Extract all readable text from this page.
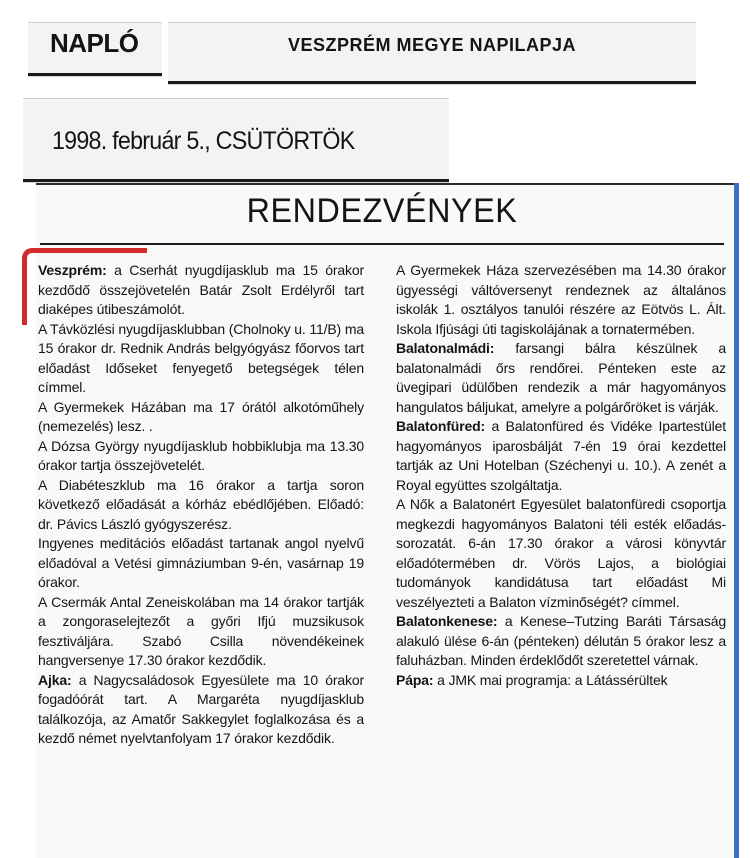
NAPLÓ	VESZPRÉM MEGYE NAPILAPJA
1998. február 5., CSÜTÖRTÖK
RENDEZVÉNYEK

Veszprém: a Cserhát nyugdíjasklub ma 15 órakor kezdődő összejövetelén Batár Zsolt Erdélyről tart diaképes útibeszámolót.

A Távközlési nyugdíjasklubban (Cholnoky u. 11/B) ma 15 órakor dr. Rednik András belgyógyász főorvos tart előadást Időseket fenyegető betegségek télen címmel.

A Gyermekek Házában ma 17 órától alkotóműhely (nemezelés) lesz. .

A Dózsa György nyugdíjasklub hobbiklubja ma 13.30 órakor tartja összejövetelét.

A Diabéteszklub ma 16 órakor a tartja soron következő előadását a kórház ebédlőjében. Előadó: dr. Pávics László gyógyszerész.

Ingyenes meditációs előadást tartanak angol nyelvű előadóval a Vetési gimnáziumban 9-én, vasárnap 19 órakor.

A Csermák Antal Zeneiskolában ma 14 órakor tartják a zongoraselejtezőt a győri Ifjú muzsikusok fesztiváljára. Szabó Csilla növendékeinek hangversenye 17.30 órakor kezdődik.

Ajka: a Nagycsaládosok Egyesülete ma 10 órakor fogadóórát tart. A Margaréta nyugdíjasklub találkozója, az Amatőr Sakkegylet foglalkozása és a kezdő német nyelvtanfolyam 17 órakor kezdődik.

A Gyermekek Háza szervezésében ma 14.30 órakor ügyességi váltóversenyt rendeznek az általános iskolák 1. osztályos tanulói részére az Eötvös L. Ált. Iskola Ifjúsági úti tagiskolájának a tornatermében.

Balatonalmádi: farsangi bálra készülnek a balatonalmádi őrs rendőrei. Pénteken este az üvegipari üdülőben rendezik a már hagyományos hangulatos báljukat, amelyre a polgárőröket is várják.

Balatonfüred: a Balatonfüred és Vidéke Ipartestület hagyományos iparosbálját 7-én 19 órai kezdettel tartják az Uni Hotelban (Széchenyi u. 10.). A zenét a Royal együttes szolgáltatja.

A Nők a Balatonért Egyesület balatonfüredi csoportja megkezdi hagyományos Balatoni téli esték előadás-sorozatát. 6-án 17.30 órakor a városi könyvtár előadótermében dr. Vörös Lajos, a biológiai tudományok kandidátusa tart előadást Mi veszélyezteti a Balaton vízminőségét? címmel.

Balatonkenese: a Kenese–Tutzing Baráti Társaság alakuló ülése 6-án (pénteken) délután 5 órakor lesz a faluházban. Minden érdeklődőt szeretettel várnak.

Pápa: a JMK mai programja: a Látássérültek
